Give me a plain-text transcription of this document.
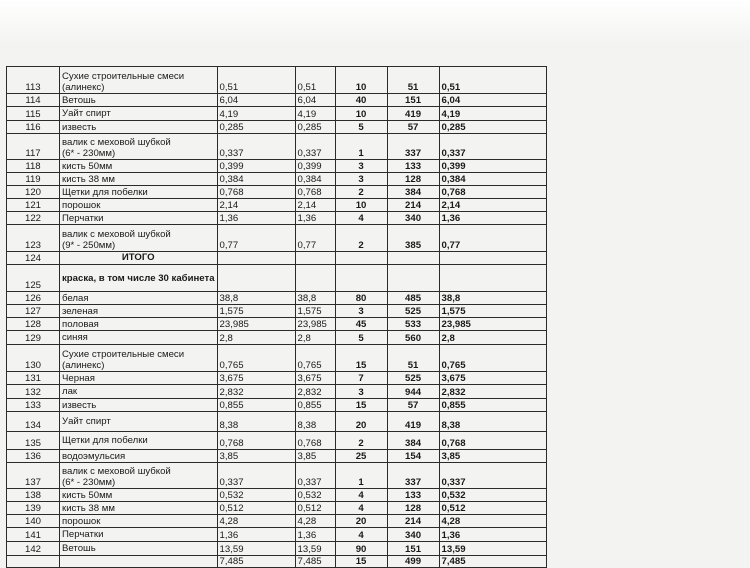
113	Сухие строительные смеси
(алинекс)	0,51	0,51	10	51	0,51
114	Ветошь	6,04	6,04	40	151	6,04
115	Уайт спирт	4,19	4,19	10	419	4,19
116	известь	0,285	0,285	5	57	0,285
117	валик с меховой шубкой
(6* - 230мм)	0,337	0,337	1	337	0,337
118	кисть 50мм	0,399	0,399	3	133	0,399
119	кисть 38 мм	0,384	0,384	3	128	0,384
120	Щетки для побелки	0,768	0,768	2	384	0,768
121	порошок	2,14	2,14	10	214	2,14
122	Перчатки	1,36	1,36	4	340	1,36
123	валик с меховой шубкой
(9* - 250мм)	0,77	0,77	2	385	0,77
124	ИТОГО					

125	краска, в том числе 30 кабинета					

126	белая	38,8	38,8	80	485	38,8
127	зеленая	1,575	1,575	3	525	1,575
128	половая	23,985	23,985	45	533	23,985
129	синяя	2,8	2,8	5	560	2,8
130	Сухие строительные смеси
(алинекс)	0,765	0,765	15	51	0,765
131	Черная	3,675	3,675	7	525	3,675
132	лак	2,832	2,832	3	944	2,832
133	известь	0,855	0,855	15	57	0,855
134	Уайт спирт	8,38	8,38	20	419	8,38
135	Щетки для побелки	0,768	0,768	2	384	0,768
136	водоэмульсия	3,85	3,85	25	154	3,85
137	валик с меховой шубкой
(6* - 230мм)	0,337	0,337	1	337	0,337
138	кисть 50мм	0,532	0,532	4	133	0,532
139	кисть 38 мм	0,512	0,512	4	128	0,512
140	порошок	4,28	4,28	20	214	4,28
141	Перчатки	1,36	1,36	4	340	1,36
142	Ветошь	13,59	13,59	90	151	13,59

	7,485	7,485	15	499	7,485
